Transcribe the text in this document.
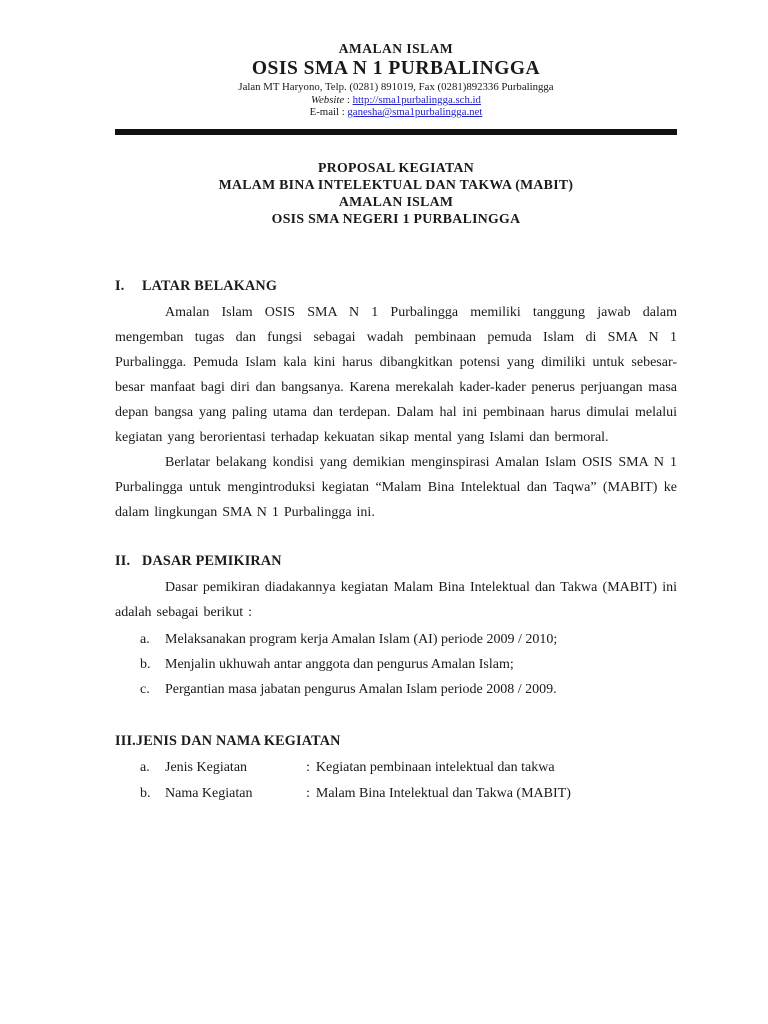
AMALAN ISLAM
OSIS SMA N 1 PURBALINGGA
Jalan MT Haryono, Telp. (0281) 891019, Fax (0281)892336 Purbalingga
Website : http://sma1purbalingga.sch.id
E-mail : ganesha@sma1purbalingga.net
PROPOSAL KEGIATAN
MALAM BINA INTELEKTUAL DAN TAKWA (MABIT)
AMALAN ISLAM
OSIS SMA NEGERI 1 PURBALINGGA
I. LATAR BELAKANG

Amalan Islam OSIS SMA N 1 Purbalingga memiliki tanggung jawab dalam mengemban tugas dan fungsi sebagai wadah pembinaan pemuda Islam di SMA N 1 Purbalingga. Pemuda Islam kala kini harus dibangkitkan potensi yang dimiliki untuk sebesar-besar manfaat bagi diri dan bangsanya. Karena merekalah kader-kader penerus perjuangan masa depan bangsa yang paling utama dan terdepan. Dalam hal ini pembinaan harus dimulai melalui kegiatan yang berorientasi terhadap kekuatan sikap mental yang Islami dan bermoral.

Berlatar belakang kondisi yang demikian menginspirasi Amalan Islam OSIS SMA N 1 Purbalingga untuk mengintroduksi kegiatan “Malam Bina Intelektual dan Taqwa” (MABIT) ke dalam lingkungan SMA N 1 Purbalingga ini.

II. DASAR PEMIKIRAN

Dasar pemikiran diadakannya kegiatan Malam Bina Intelektual dan Takwa (MABIT) ini adalah sebagai berikut :

a. Melaksanakan program kerja Amalan Islam (AI) periode 2009 / 2010;
b. Menjalin ukhuwah antar anggota dan pengurus Amalan Islam;
c. Pergantian masa jabatan pengurus Amalan Islam periode 2008 / 2009.
III.JENIS DAN NAMA KEGIATAN
a. Jenis Kegiatan	: Kegiatan pembinaan intelektual dan takwa
b. Nama Kegiatan	: Malam Bina Intelektual dan Takwa (MABIT)
